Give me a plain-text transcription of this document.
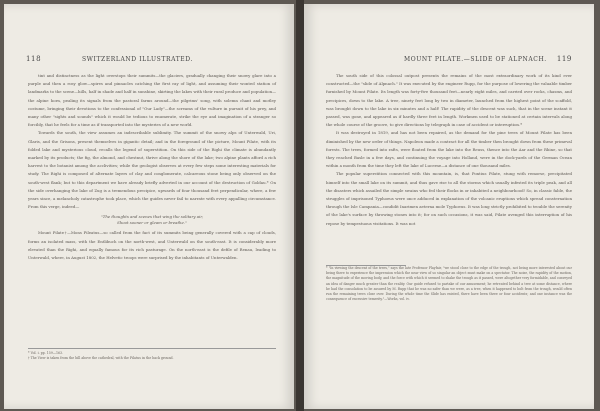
118	SWITZERLAND ILLUSTRATED.

tint and distinctness as the light overstops their summits—the glaciers, gradually changing their snowy glare into a purple and then a rosy glow—spires and pinnacles catching the first ray of light, and assuming their wonted station of landmarks to the scene—hills, half in shade and half in sunshine, skirting the lakes with their rural produce and population—the alpine horn, pealing its signals from the pastoral farms around—the pilgrims' song, with solemn chant and motley costume, bringing their devotions to the confessional of "Our Lady"—the screams of the vulture in pursuit of his prey, and many other "sights and sounds" which it would be tedious to enumerate, strike the eye and imagination of a stranger so forcibly, that he feels for a time as if transported into the mysteries of a new world.

Towards the south, the view assumes an indescribable sublimity. The summit of the snowy alps of Unterwald, Uri, Glaris, and the Grisons, present themselves in gigantic detail; and in the foreground of the picture, Mount Pilate, with its folded lake and mysterious cloud, recalls the legend of superstition. On this side of the Righi the climate is abundantly marked by its products; the fig, the almond, and chestnut, thrive along the shore of the lake; two alpine plants afford a rich harvest to the botanist among the acclivities; while the geologist observes at every few steps some interesting materials for study. The Righi is composed of alternate layers of clay and conglomerate, calcareous stone being only observed on the south-west flank; but to this department we have already briefly adverted in our account of the destruction of Goldau.* On the side overhanging the lake of Zug is a tremendous precipice, upwards of four thousand feet perpendicular, where, a few years since, a melancholy catastrophe took place, which the guides never fail to narrate with every appalling circumstance. From this verge, indeed—

"The thoughts and scenes that wing the solitary air,
Shoot sooner or gleam or breathe."

Mount Pilate†—Mons Pileatus—so called from the fact of its summits being generally covered with a cap of clouds, forms an isolated mass, with the Entlibuch on the north-west, and Unterwald on the south-east. It is considerably more elevated than the Righi, and equally famous for its rich pasturage. On the north-east is the defile of Renau, leading to Unterwald, where, in August 1802, the Helvetic troops were surprised by the inhabitants of Unterwalden.

* Vol. i. pp. 159—163.
† The View is taken from the hill above the cathedral, with the Pilatus in the back ground.
MOUNT PILATE.—SLIDE OF ALPNACH. 119

The south side of this colossal outpost presents the remains of the most extraordinary work of its kind ever constructed—the "slide of Alpnach." It was executed by the engineer Rupp, for the purpose of lowering the valuable timber furnished by Mount Pilate. Its length was forty-five thousand feet—nearly eight miles, and carried over rocks, chasms, and precipices, down to the lake. A tree, ninety feet long by two in diameter, launched from the highest point of the scaffold, was brought down to the lake in six minutes and a half! The rapidity of the descent was such, that in the scene instant it passed, was gone, and appeared as if hardly three feet in length. Workmen used to be stationed at certain intervals along the whole course of the groove, to give directions by telegraph in case of accident or interruption.*

It was destroyed in 1819, and has not been repaired, as the demand for the pine trees of Mount Pilate has been diminished by the new order of things. Napoleon made a contract for all the timber then brought down from these primeval forests. The trees, formed into rafts, were floated from the lake into the Reuss, thence into the Aar and the Rhine, so that they reached Basle in a few days, and continuing the voyage into Holland, were in the dock-yards of the German Ocean within a month from the time they left the lake of Lucerne—a distance of one thousand miles.

The popular superstition connected with this mountain, is, that Pontius Pilate, stung with remorse, precipitated himself into the small lake on its summit, and thus gave rise to all the storms which usually infested its triple peak, and all the disasters which assailed the simple swains who fed their flocks in or inhabited a neighbourhood! So, in classic fable, the struggles of imprisoned Typhoeus were once adduced in explanation of the volcanic eruptions which spread consternation through the Isle Campania—condidit Inarimen aeterna mole Typhoeus. It was long strictly prohibited to trouble the serenity of the lake's surface by throwing stones into it; for on such occasions, it was said, Pilate avenged this interruption of his repose by tempestuous visitations. It was not

* "In viewing the descent of the trees," says the late Professor Playfair, "we stood close to the edge of the trough, not being more interested about our being there to experience the impression which the near view of so singular an object must make on a spectator. The noise, the rapidity of the motion, the magnitude of the moving body, and the force with which it seemed to shake the trough as it passed, were altogether very formidable, and conveyed an idea of danger much greater than the reality. Our guide refused to partake of our amusement; he retreated behind a tree at some distance, where he had the consolation to be assured by M. Rupp that he was no safer than we were, as a tree, when it happened to bolt from the trough, would often run the remaining trees close over. During the whole time the Slide has existed, there have been three or four accidents; and one instance was the consequence of excessive temerity."—Works, vol. iv.
